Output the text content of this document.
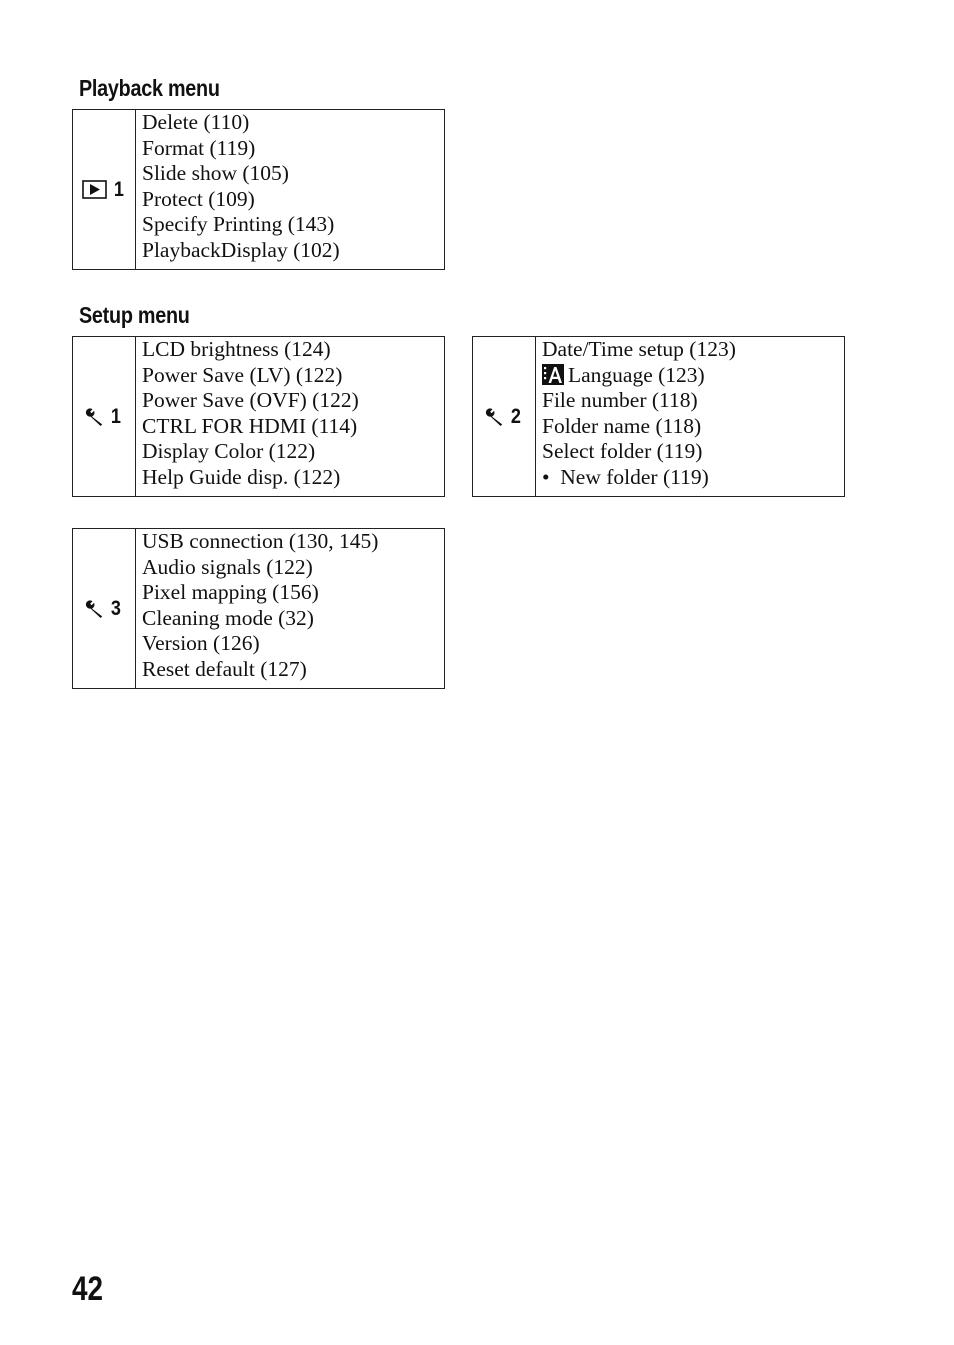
Playback menu
1
Delete (110)
Format (119)
Slide show (105)
Protect (109)
Specify Printing (143)
PlaybackDisplay (102)
Setup menu
1
LCD brightness (124)
Power Save (LV) (122)
Power Save (OVF) (122)
CTRL FOR HDMI (114)
Display Color (122)
Help Guide disp. (122)
2
Date/Time setup (123)
Language (123)
File number (118)
Folder name (118)
Select folder (119)
•  New folder (119)
3
USB connection (130, 145)
Audio signals (122)
Pixel mapping (156)
Cleaning mode (32)
Version (126)
Reset default (127)
42
